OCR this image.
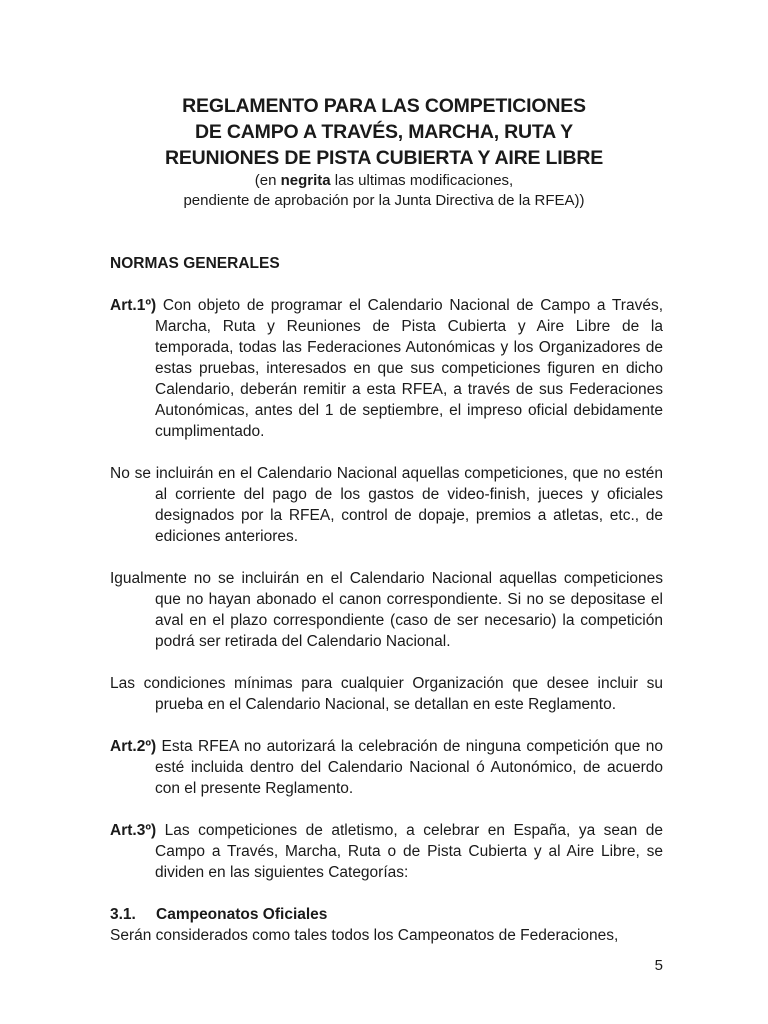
REGLAMENTO PARA LAS COMPETICIONES
DE CAMPO A TRAVÉS, MARCHA, RUTA Y
REUNIONES DE PISTA CUBIERTA Y AIRE LIBRE
(en negrita las ultimas modificaciones,
pendiente de aprobación por la Junta Directiva de la RFEA))
NORMAS GENERALES

Art.1º) Con objeto de programar el Calendario Nacional de Campo a Través, Marcha, Ruta y Reuniones de Pista Cubierta y Aire Libre de la temporada, todas las Federaciones Autonómicas y los Organizadores de estas pruebas, interesados en que sus competiciones figuren en dicho Calendario, deberán remitir a esta RFEA, a través de sus Federaciones Autonómicas, antes del 1 de septiembre, el impreso oficial debidamente cumplimentado.

No se incluirán en el Calendario Nacional aquellas competiciones, que no estén al corriente del pago de los gastos de video-finish, jueces y oficiales designados por la RFEA, control de dopaje, premios a atletas, etc., de ediciones anteriores.

Igualmente no se incluirán en el Calendario Nacional aquellas competiciones que no hayan abonado el canon correspondiente. Si no se depositase el aval en el plazo correspondiente (caso de ser necesario) la competición podrá ser retirada del Calendario Nacional.

Las condiciones mínimas para cualquier Organización que desee incluir su prueba en el Calendario Nacional, se detallan en este Reglamento.

Art.2º) Esta RFEA no autorizará la celebración de ninguna competición que no esté incluida dentro del Calendario Nacional ó Autonómico, de acuerdo con el presente Reglamento.

Art.3º) Las competiciones de atletismo, a celebrar en España, ya sean de Campo a Través, Marcha, Ruta o de Pista Cubierta y al Aire Libre, se dividen en las siguientes Categorías:

3.1. Campeonatos Oficiales
Serán considerados como tales todos los Campeonatos de Federaciones,
5
